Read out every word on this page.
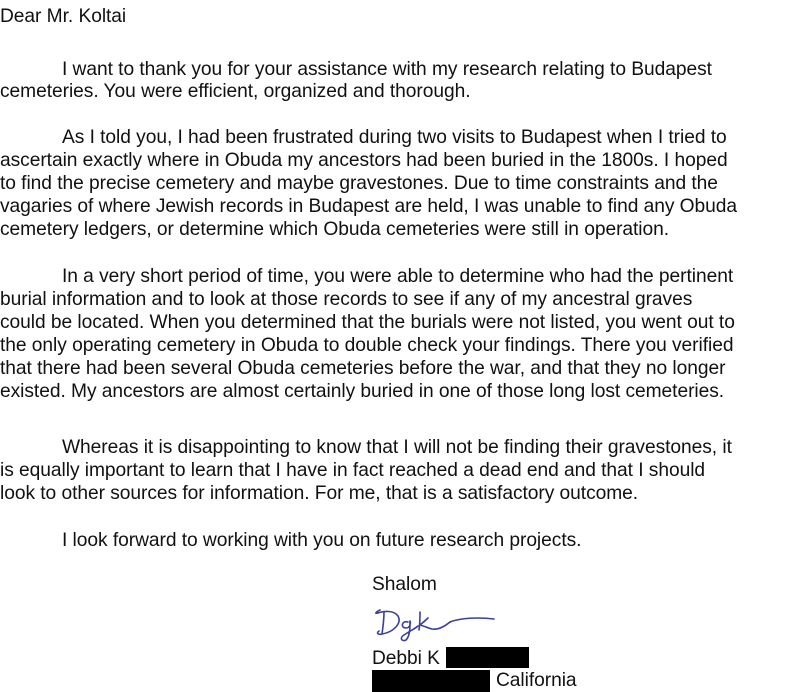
Dear Mr. Koltai
I want to thank you for your assistance with my research relating to Budapest
cemeteries. You were efficient, organized and thorough.
As I told you, I had been frustrated during two visits to Budapest when I tried to
ascertain exactly where in Obuda my ancestors had been buried in the 1800s. I hoped
to find the precise cemetery and maybe gravestones. Due to time constraints and the
vagaries of where Jewish records in Budapest are held, I was unable to find any Obuda
cemetery ledgers, or determine which Obuda cemeteries were still in operation.
In a very short period of time, you were able to determine who had the pertinent
burial information and to look at those records to see if any of my ancestral graves
could be located. When you determined that the burials were not listed, you went out to
the only operating cemetery in Obuda to double check your findings. There you verified
that there had been several Obuda cemeteries before the war, and that they no longer
existed. My ancestors are almost certainly buried in one of those long lost cemeteries.
Whereas it is disappointing to know that I will not be finding their gravestones, it
is equally important to learn that I have in fact reached a dead end and that I should
look to other sources for information. For me, that is a satisfactory outcome.
I look forward to working with you on future research projects.
Shalom
Debbi K
California
